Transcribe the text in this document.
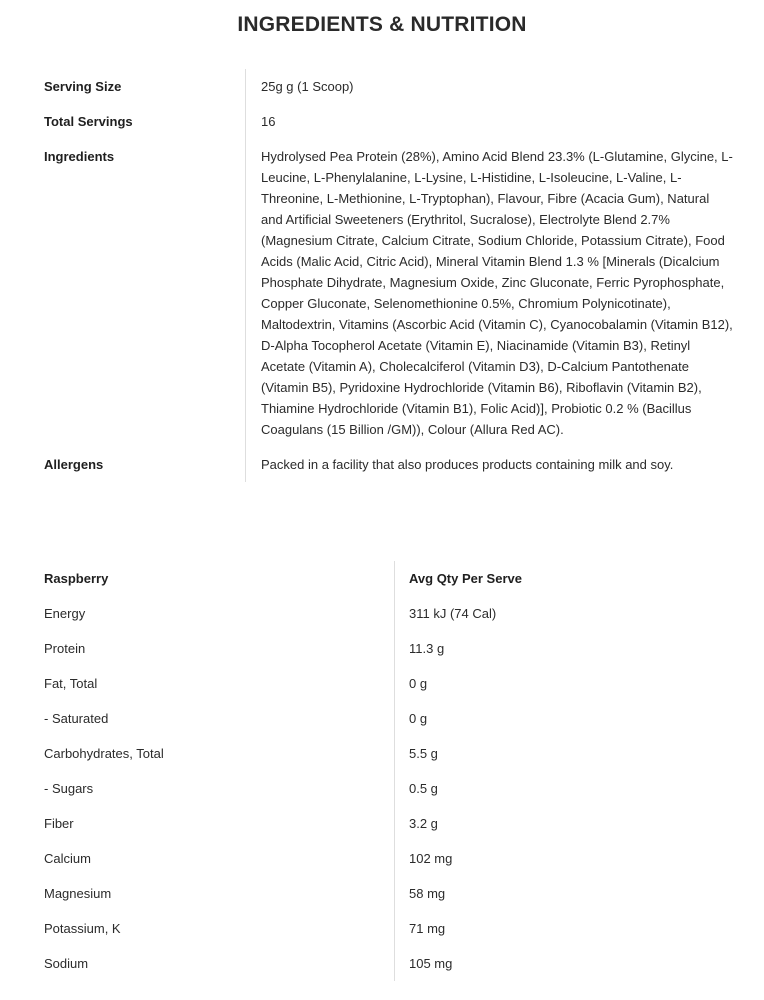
INGREDIENTS & NUTRITION
Serving Size	25g g (1 Scoop)
Total Servings	16
Ingredients	Hydrolysed Pea Protein (28%), Amino Acid Blend 23.3% (L-Glutamine, Glycine, L-Leucine, L-Phenylalanine, L-Lysine, L-Histidine, L-Isoleucine, L-Valine, L-Threonine, L-Methionine, L-Tryptophan), Flavour, Fibre (Acacia Gum), Natural and Artificial Sweeteners (Erythritol, Sucralose), Electrolyte Blend 2.7% (Magnesium Citrate, Calcium Citrate, Sodium Chloride, Potassium Citrate), Food Acids (Malic Acid, Citric Acid), Mineral Vitamin Blend 1.3 % [Minerals (Dicalcium Phosphate Dihydrate, Magnesium Oxide, Zinc Gluconate, Ferric Pyrophosphate, Copper Gluconate, Selenomethionine 0.5%, Chromium Polynicotinate), Maltodextrin, Vitamins (Ascorbic Acid (Vitamin C), Cyanocobalamin (Vitamin B12), D-Alpha Tocopherol Acetate (Vitamin E), Niacinamide (Vitamin B3), Retinyl Acetate (Vitamin A), Cholecalciferol (Vitamin D3), D-Calcium Pantothenate (Vitamin B5), Pyridoxine Hydrochloride (Vitamin B6), Riboflavin (Vitamin B2), Thiamine Hydrochloride (Vitamin B1), Folic Acid)], Probiotic 0.2 % (Bacillus Coagulans (15 Billion /GM)), Colour (Allura Red AC).
Allergens	Packed in a facility that also produces products containing milk and soy.
Raspberry	Avg Qty Per Serve
Energy	311 kJ (74 Cal)
Protein	11.3 g
Fat, Total	0 g
- Saturated	0 g
Carbohydrates, Total	5.5 g
- Sugars	0.5 g
Fiber	3.2 g
Calcium	102 mg
Magnesium	58 mg
Potassium, K	71 mg
Sodium	105 mg
